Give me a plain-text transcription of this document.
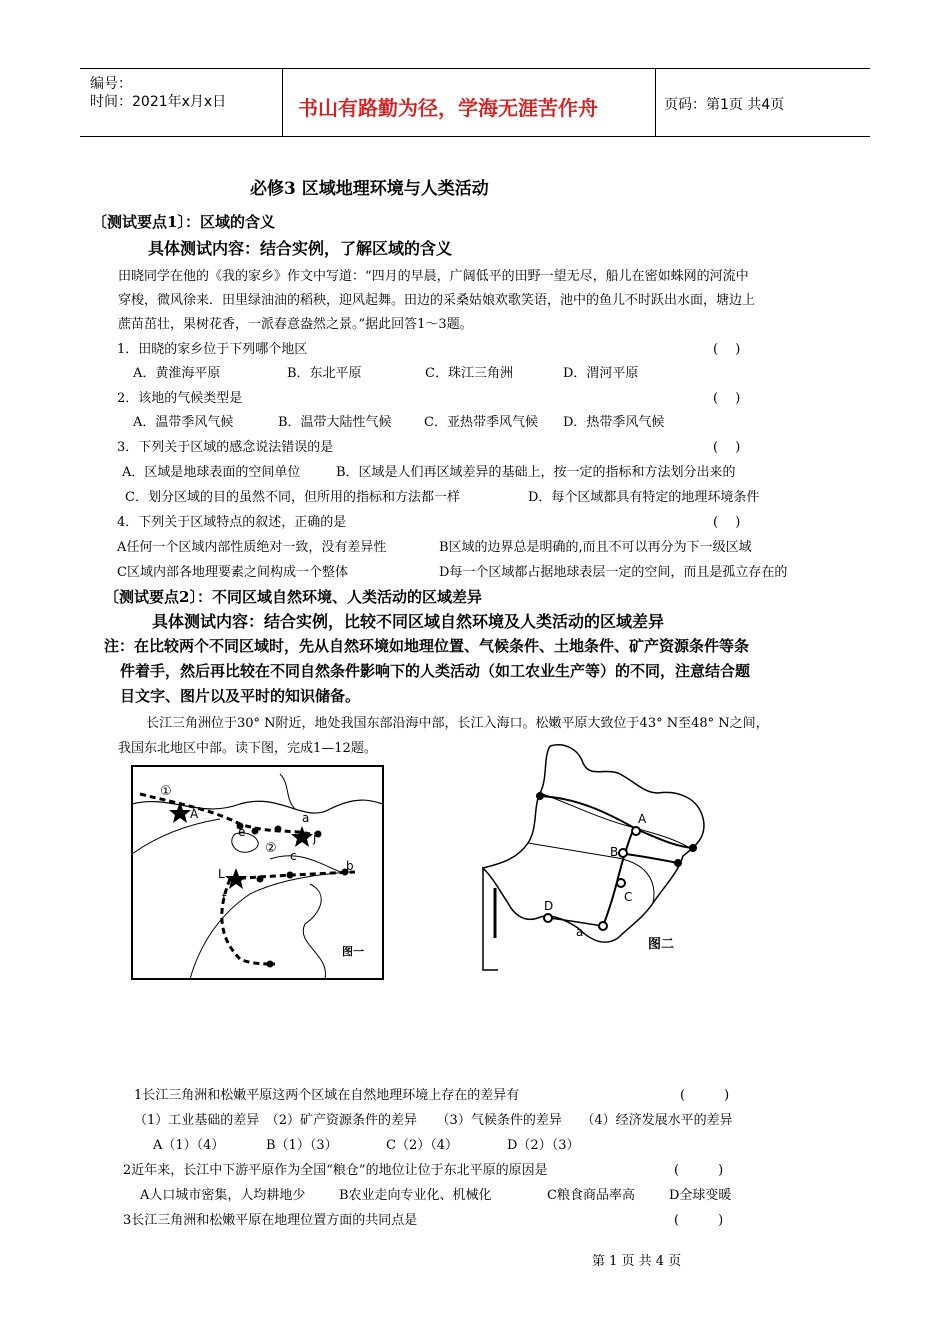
编号：
时间：2021年x月x日	书山有路勤为径，学海无涯苦作舟	页码：第1页 共4页
必修3 区域地理环境与人类活动
〔测试要点1〕：区域的含义
具体测试内容：结合实例，了解区域的含义
田晓同学在他的《我的家乡》作文中写道：“四月的早晨，广阔低平的田野一望无尽，船儿在密如蛛网的河流中
穿梭，微风徐来．田里绿油油的稻秧，迎风起舞。田边的采桑姑娘欢歌笑语，池中的鱼儿不时跃出水面，塘边上
蔗苗茁壮，果树花香，一派春意盎然之景。”据此回答1～3题。
1．田晓的家乡位于下列哪个地区	(　 )
A．黄淮海平原	B．东北平原	C．珠江三角洲	D．渭河平原
2．该地的气候类型是	(　 )
A．温带季风气候	B．温带大陆性气候 C．亚热带季风气候 D．热带季风气候
3．下列关于区域的感念说法错误的是	(　 )
A．区域是地球表面的空间单位	B．区域是人们再区域差异的基础上，按一定的指标和方法划分出来的
C．划分区域的目的虽然不同，但所用的指标和方法都一样	D．每个区域都具有特定的地理环境条件
4．下列关于区域特点的叙述，正确的是	(　 )
A任何一个区域内部性质绝对一致，没有差异性	B区域的边界总是明确的,而且不可以再分为下一级区域
C区域内部各地理要素之间构成一个整体	D每一个区域都占据地球表层一定的空间，而且是孤立存在的
〔测试要点2〕：不同区域自然环境、人类活动的区域差异
具体测试内容：结合实例，比较不同区域自然环境及人类活动的区域差异
注：在比较两个不同区域时，先从自然环境如地理位置、气候条件、土地条件、矿产资源条件等条
件着手，然后再比较在不同自然条件影响下的人类活动（如工农业生产等）的不同，注意结合题
目文字、图片以及平时的知识储备。
长江三角洲位于30° N附近，地处我国东部沿海中部，长江入海口。松嫩平原大致位于43° N至48° N之间，
我国东北地区中部。读下图，完成1—12题。
①
A	a
e
②
j
c
L
b
f
图一
A
B
C
D
a
图二
1长江三角洲和松嫩平原这两个区域在自然地理环境上存在的差异有	(　　　)
（1）工业基础的差异　（2）矿产资源条件的差异　　（3）气候条件的差异　　（4）经济发展水平的差异
A（1）（4）	B（1）（3）	C（2）（4）	D（2）（3）
2近年来，长江中下游平原作为全国“粮仓”的地位让位于东北平原的原因是	(　　　)
A人口城市密集，人均耕地少	B农业走向专业化、机械化	C粮食商品率高	D全球变暖
3长江三角洲和松嫩平原在地理位置方面的共同点是	(　　　)
第 1 页 共 4 页
